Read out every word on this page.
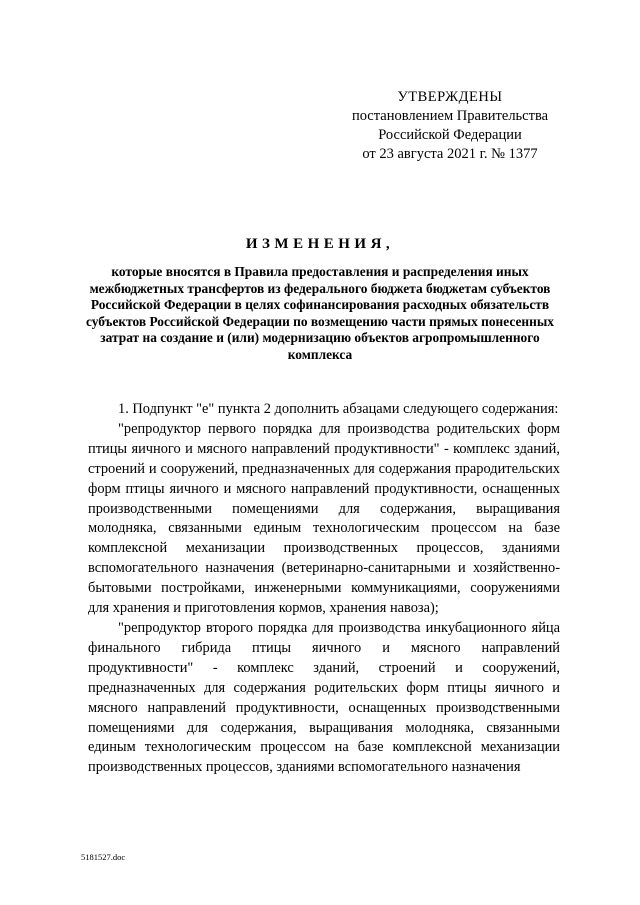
УТВЕРЖДЕНЫ
постановлением Правительства
Российской Федерации
от 23 августа 2021 г. № 1377
ИЗМЕНЕНИЯ,
которые вносятся в Правила предоставления и распределения иных межбюджетных трансфертов из федерального бюджета бюджетам субъектов Российской Федерации в целях софинансирования расходных обязательств субъектов Российской Федерации по возмещению части прямых понесенных затрат на создание и (или) модернизацию объектов агропромышленного комплекса

1. Подпункт "е" пункта 2 дополнить абзацами следующего содержания:

"репродуктор первого порядка для производства родительских форм птицы яичного и мясного направлений продуктивности" - комплекс зданий, строений и сооружений, предназначенных для содержания прародительских форм птицы яичного и мясного направлений продуктивности, оснащенных производственными помещениями для содержания, выращивания молодняка, связанными единым технологическим процессом на базе комплексной механизации производственных процессов, зданиями вспомогательного назначения (ветеринарно-санитарными и хозяйственно-бытовыми постройками, инженерными коммуникациями, сооружениями для хранения и приготовления кормов, хранения навоза);

"репродуктор второго порядка для производства инкубационного яйца финального гибрида птицы яичного и мясного направлений продуктивности" - комплекс зданий, строений и сооружений, предназначенных для содержания родительских форм птицы яичного и мясного направлений продуктивности, оснащенных производственными помещениями для содержания, выращивания молодняка, связанными единым технологическим процессом на базе комплексной механизации производственных процессов, зданиями вспомогательного назначения

5181527.doc
